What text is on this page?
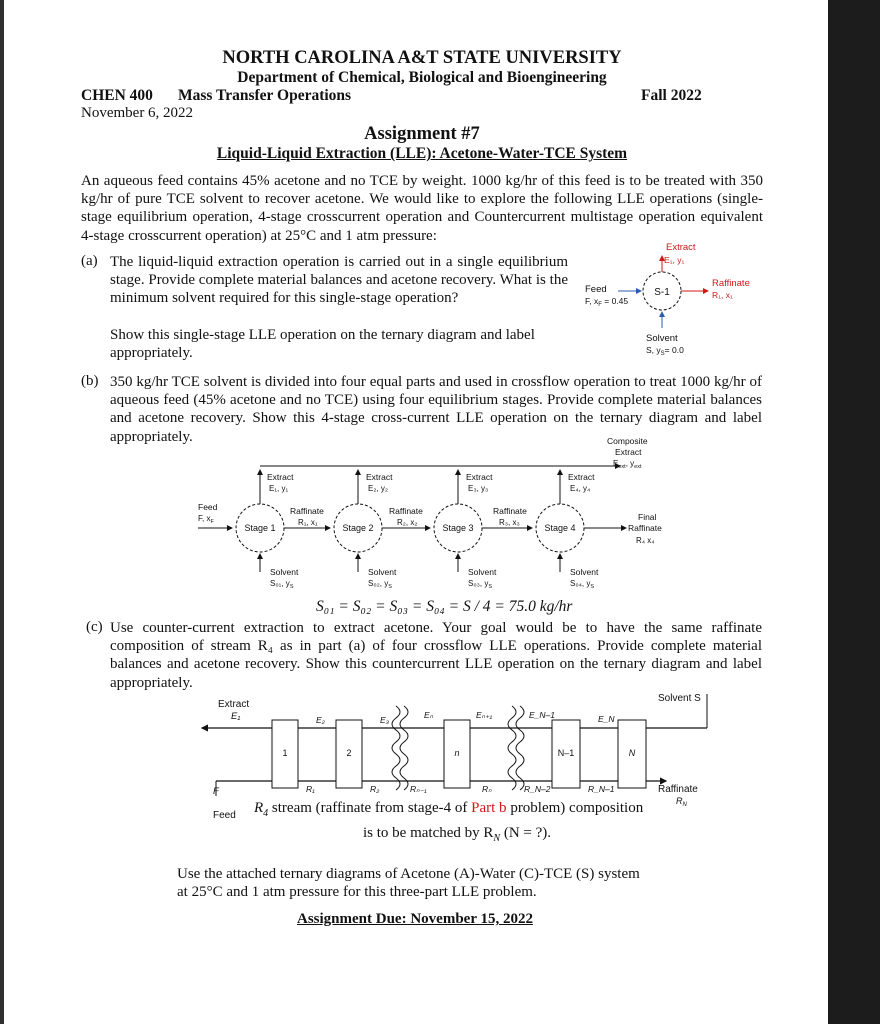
NORTH CAROLINA A&T STATE UNIVERSITY
Department of Chemical, Biological and Bioengineering
CHEN 400 Mass Transfer Operations	Fall 2022
November 6, 2022
Assignment #7
Liquid-Liquid Extraction (LLE): Acetone-Water-TCE System
An aqueous feed contains 45% acetone and no TCE by weight. 1000 kg/hr of this feed is to be treated with 350 kg/hr of pure TCE solvent to recover acetone. We would like to explore the following LLE operations (single-stage equilibrium operation, 4-stage crosscurrent operation and Countercurrent multistage operation equivalent 4-stage crosscurrent operation) at 25°C and 1 atm pressure:
(a) The liquid-liquid extraction operation is carried out in a single equilibrium stage. Provide complete material balances and acetone recovery. What is the minimum solvent required for this single-stage operation?
Show this single-stage LLE operation on the ternary diagram and label appropriately.
S-1
Extract
E₁, y₁
Raffinate
R₁, x₁
Feed
F, $x_F = 0.45$
Solvent
S, $y_S= 0.0$
(b) 350 kg/hr TCE solvent is divided into four equal parts and used in crossflow operation to treat 1000 kg/hr of aqueous feed (45% acetone and no TCE) using four equilibrium stages. Provide complete material balances and acetone recovery. Show this 4-stage cross-current LLE operation on the ternary diagram and label appropriately.	Composite
Extract
$E_{ext}$, $y_{ext}$
Feed
F, $x_F$
Stage 1
Extract
E₁, y₁
Solvent
S₀₁, $y_S$
Raffinate
R₁, x₁
Stage 2
Extract
E₂, y₂
Solvent
S₀₂, $y_S$
Raffinate
R₂, x₂
Stage 3
Extract
E₃, y₃
Solvent
S₀₃, $y_S$
Raffinate
R₃, x₃
Stage 4
Extract
E₄, y₄
Solvent
S₀₄, $y_S$
Final
Raffinate
R₄ x₄
S₀₁ = S₀₂ = S₀₃ = S₀₄ = S / 4 = 75.0 kg/hr
(c) Use counter-current extraction to extract acetone. Your goal would be to have the same raffinate composition of stream R₄ as in part (a) of four crossflow LLE operations. Provide complete material balances and acetone recovery. Show this countercurrent LLE operation on the ternary diagram and label appropriately.
Extract
E₁
Solvent S
F
Feed
Raffinate
$R_N$
1	2	n	N–1	N
E₂	E₃	Eₙ	Eₙ₊₁	E_N–1	E_N
R₁	R₂	Rₙ₋₁	Rₙ	R_N–2	R_N–1
$R_4$ stream (raffinate from stage-4 of Part b problem) composition
is to be matched by $R_N$ (N = ?).
Use the attached ternary diagrams of Acetone (A)-Water (C)-TCE (S) system
at 25°C and 1 atm pressure for this three-part LLE problem.
Assignment Due: November 15, 2022
